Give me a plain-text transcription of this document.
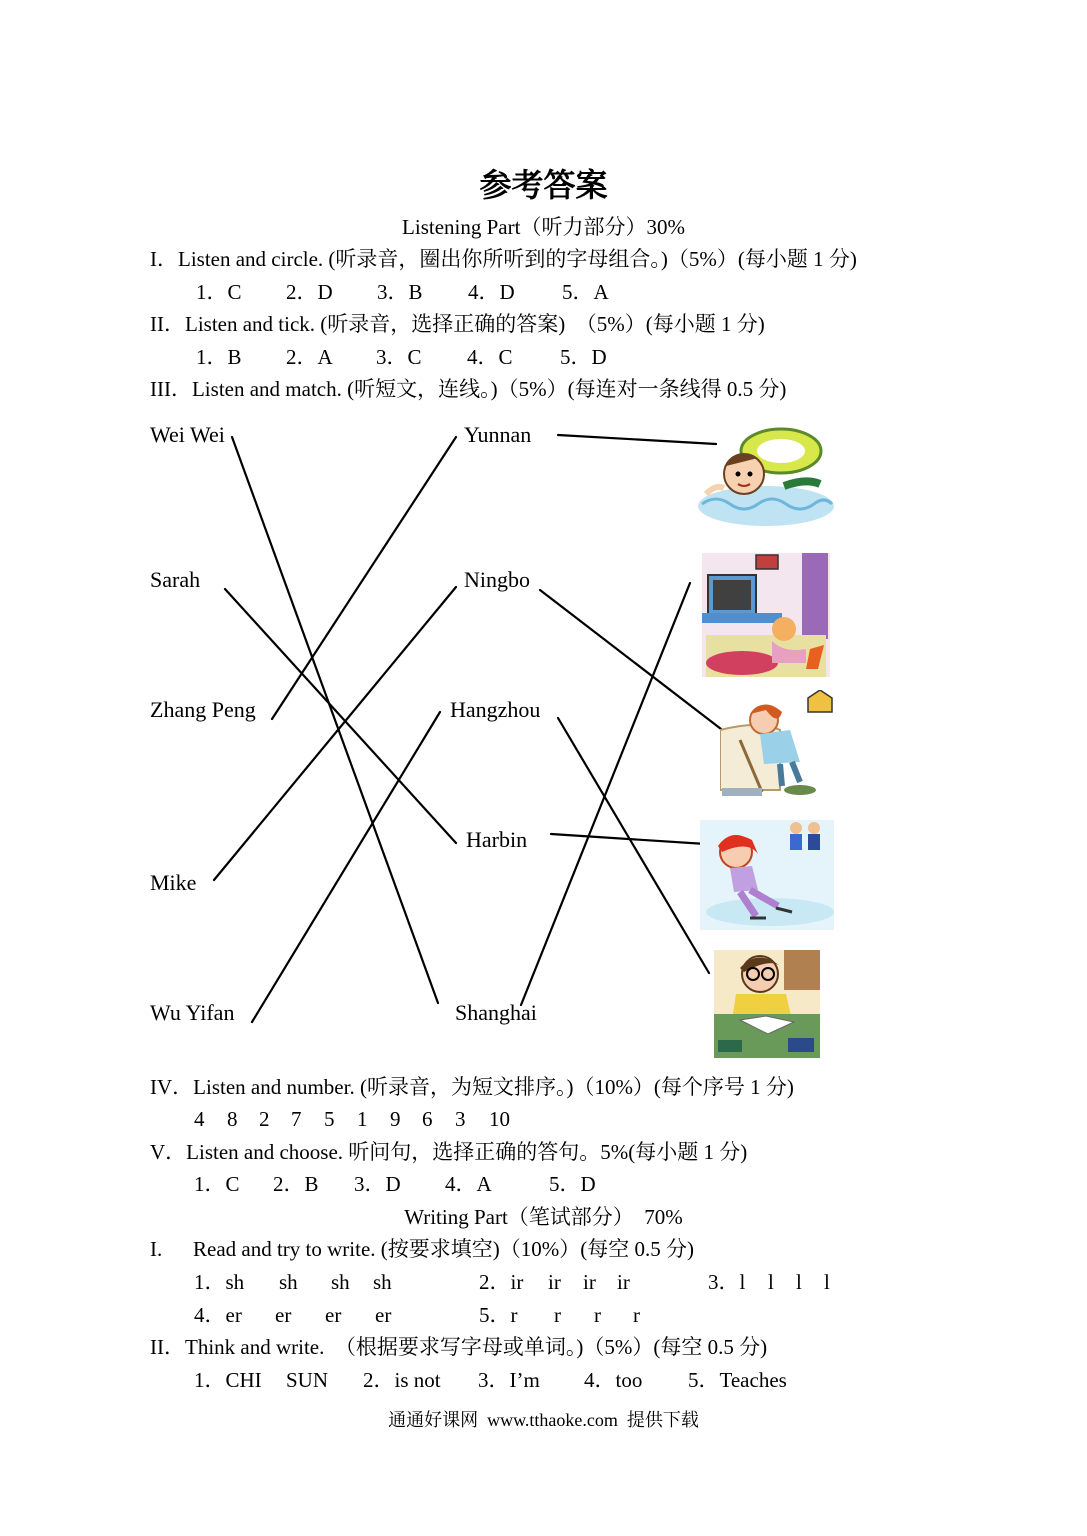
参考答案
Listening Part（听力部分）30%
I．Listen and circle. (听录音，圈出你所听到的字母组合。)（5%）(每小题 1 分)
1．C 2．D 3．B 4．D 5．A
II．Listen and tick. (听录音，选择正确的答案)  （5%）(每小题 1 分)
1．B 2．A 3．C 4．C 5．D
III．Listen and match. (听短文，连线。)（5%）(每连对一条线得 0.5 分)
Wei Wei
Sarah
Zhang Peng
Mike
Wu Yifan
Yunnan
Ningbo
Hangzhou
Harbin
Shanghai
IV．Listen and number. (听录音，为短文排序。)（10%）(每个序号 1 分)
4 8 2 7 5 1 9 6 3 10
V．Listen and choose. 听问句，选择正确的答句。5%(每小题 1 分)
1．C 2．B 3．D 4．A	5．D
Writing Part（笔试部分）  70%
I. Read and try to write. (按要求填空)（10%）(每空 0.5 分)
1．sh sh sh sh	2．ir ir ir ir	3．l l l l
4．er er er er	5．r r r r
II．Think and write.  （根据要求写字母或单词。)（5%）(每空 0.5 分)
1．CHI SUN 2．is not 3．I’m 4．too 5．Teaches
通通好课网  www.tthaoke.com  提供下载
